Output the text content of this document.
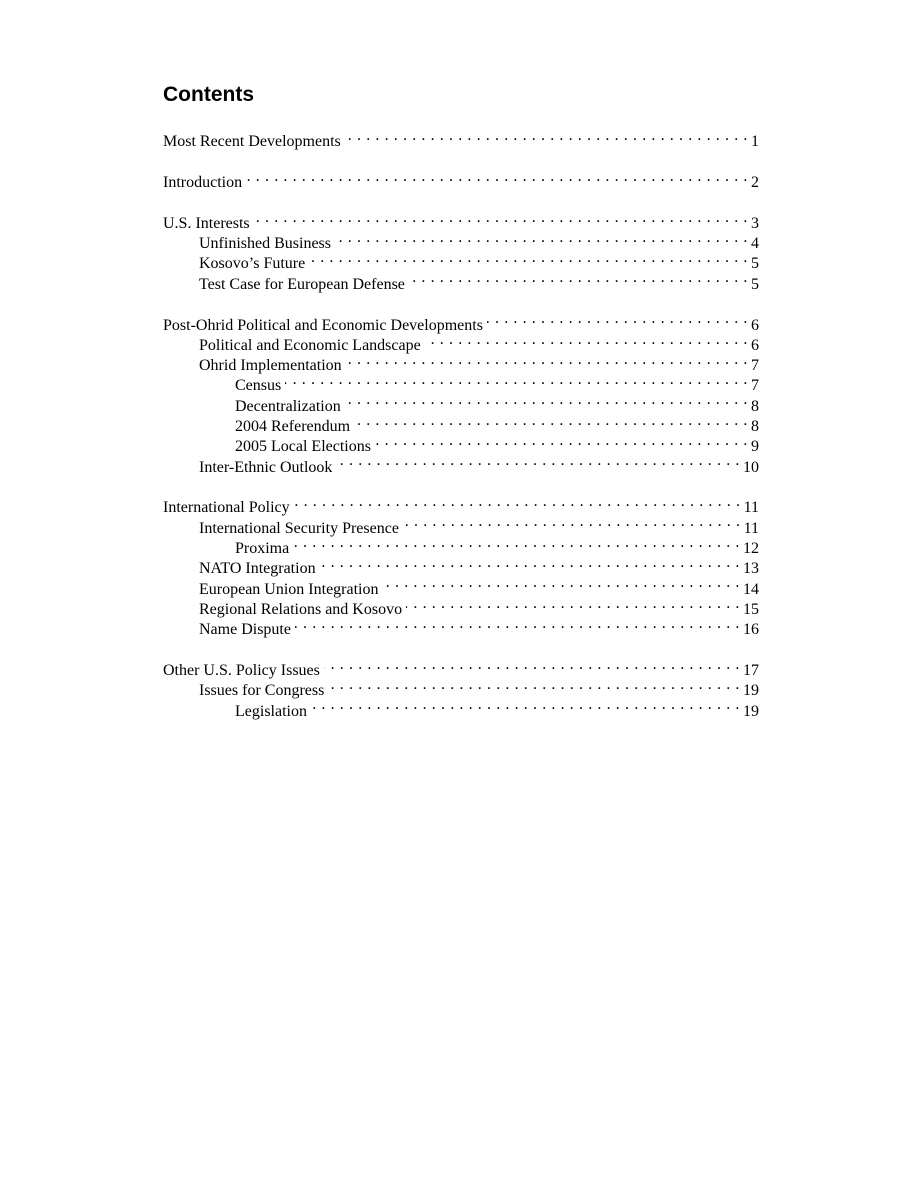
Contents
Most Recent Developments . . .	1
Introduction . . .	2
U.S. Interests . . .	3
Unfinished Business . . .	4
Kosovo’s Future . . .	5
Test Case for European Defense . . .	5
Post-Ohrid Political and Economic Developments . . .	6
Political and Economic Landscape . . .	6
Ohrid Implementation . . .	7
Census . . .	7
Decentralization . . .	8
2004 Referendum . . .	8
2005 Local Elections . . .	9
Inter-Ethnic Outlook . . .	10
International Policy . . .	11
International Security Presence . . .	11
Proxima . . .	12
NATO Integration . . .	13
European Union Integration . . .	14
Regional Relations and Kosovo . . .	15
Name Dispute . . .	16
Other U.S. Policy Issues . . .	17
Issues for Congress . . .	19
Legislation . . .	19
